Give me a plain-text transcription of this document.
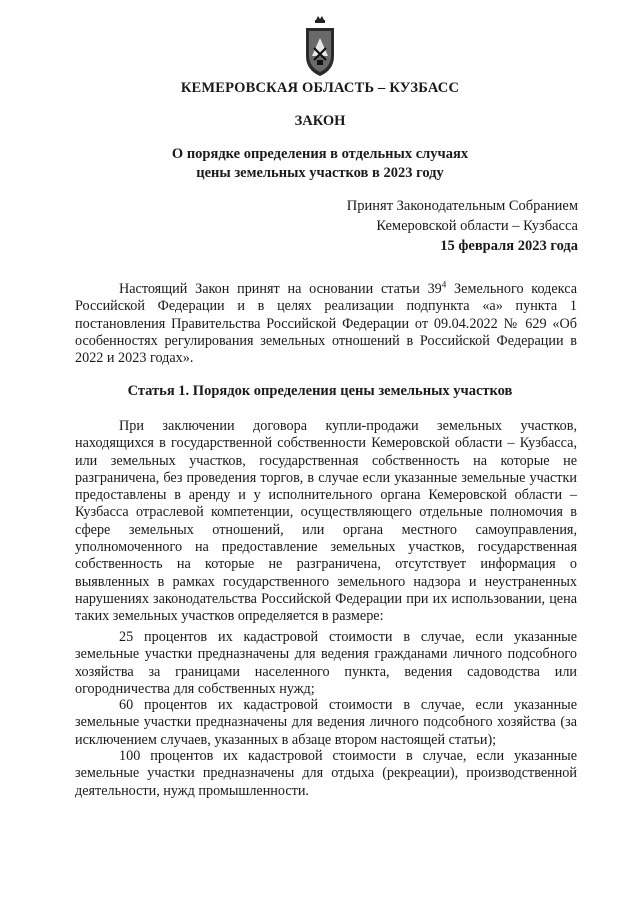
КЕМЕРОВСКАЯ ОБЛАСТЬ – КУЗБАСС
ЗАКОН
О порядке определения в отдельных случаях
цены земельных участков в 2023 году
Принят Законодательным Собранием
Кемеровской области – Кузбасса
15 февраля 2023 года
Настоящий Закон принят на основании статьи $39^4$ Земельного кодекса Российской Федерации и в целях реализации подпункта «а» пункта 1 постановления Правительства Российской Федерации от 09.04.2022 № 629 «Об особенностях регулирования земельных отношений в Российской Федерации в 2022 и 2023 годах».
Статья 1. Порядок определения цены земельных участков
При заключении договора купли-продажи земельных участков, находящихся в государственной собственности Кемеровской области – Кузбасса, или земельных участков, государственная собственность на которые не разграничена, без проведения торгов, в случае если указанные земельные участки предоставлены в аренду и у исполнительного органа Кемеровской области – Кузбасса отраслевой компетенции, осуществляющего отдельные полномочия в сфере земельных отношений, или органа местного самоуправления, уполномоченного на предоставление земельных участков, государственная собственность на которые не разграничена, отсутствует информация о выявленных в рамках государственного земельного надзора и неустраненных нарушениях законодательства Российской Федерации при их использовании, цена таких земельных участков определяется в размере:
25 процентов их кадастровой стоимости в случае, если указанные земельные участки предназначены для ведения гражданами личного подсобного хозяйства за границами населенного пункта, ведения садоводства или огородничества для собственных нужд;
60 процентов их кадастровой стоимости в случае, если указанные земельные участки предназначены для ведения личного подсобного хозяйства (за исключением случаев, указанных в абзаце втором настоящей статьи);
100 процентов их кадастровой стоимости в случае, если указанные земельные участки предназначены для отдыха (рекреации), производственной деятельности, нужд промышленности.
